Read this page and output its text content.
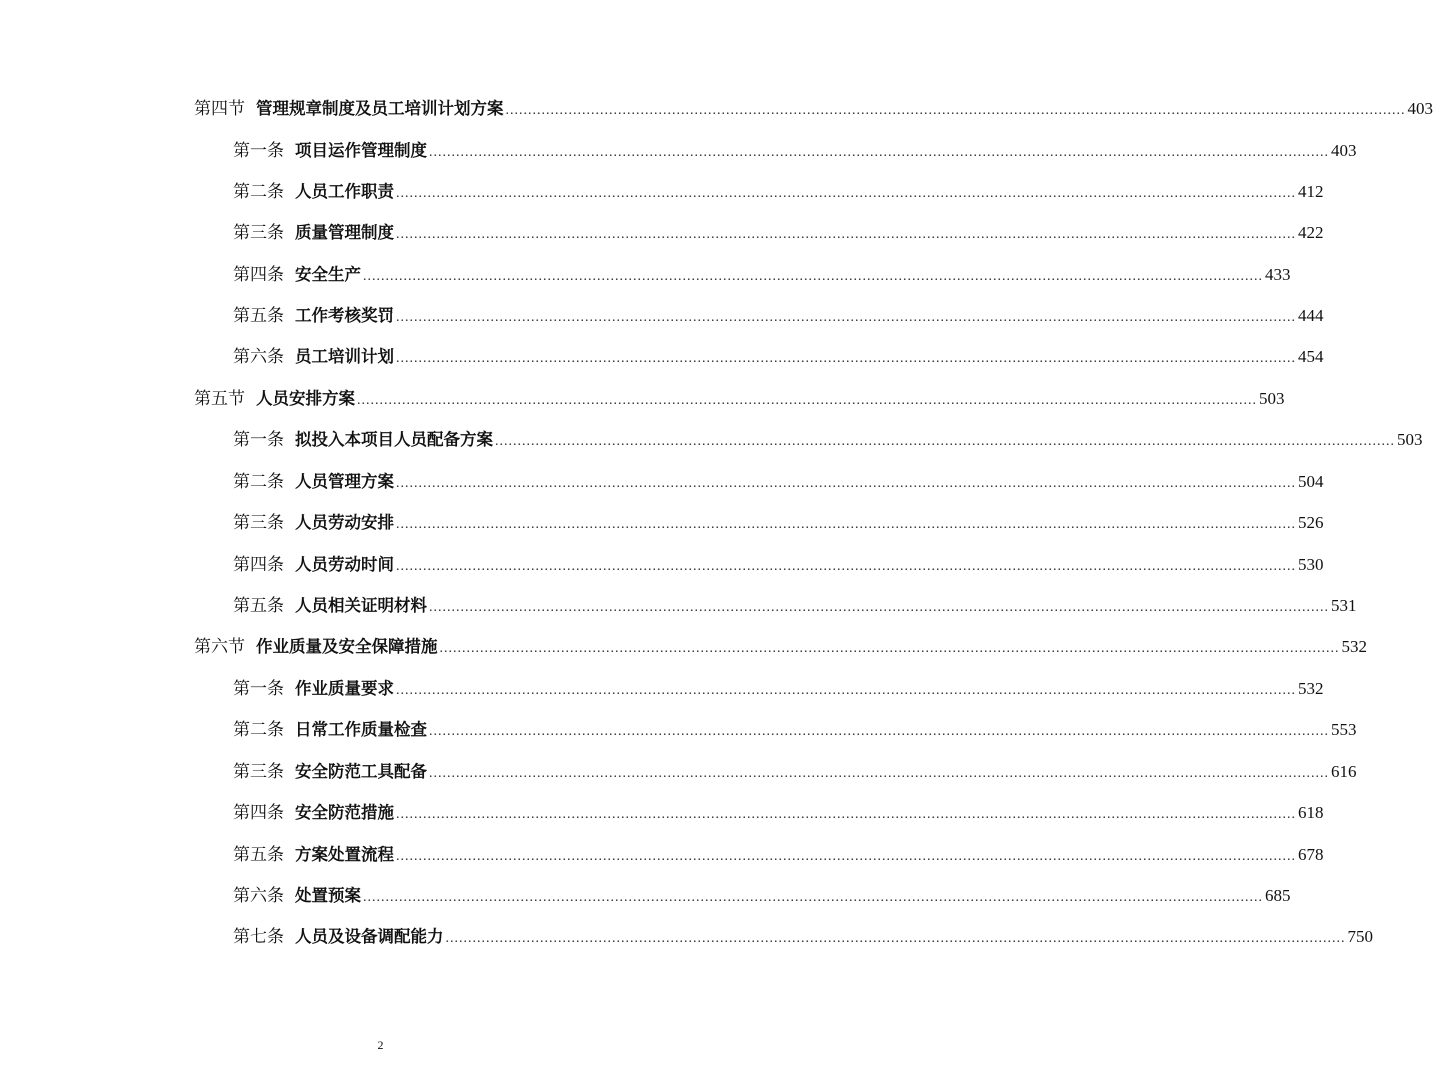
第四节 管理规章制度及员工培训计划方案 ........................................................................................................................................................................................................ 403
第一条 项目运作管理制度 ........................................................................................................................................................................................................ 403
第二条 人员工作职责 ........................................................................................................................................................................................................ 412
第三条 质量管理制度 ........................................................................................................................................................................................................ 422
第四条 安全生产 ........................................................................................................................................................................................................ 433
第五条 工作考核奖罚 ........................................................................................................................................................................................................ 444
第六条 员工培训计划 ........................................................................................................................................................................................................ 454
第五节 人员安排方案 ........................................................................................................................................................................................................ 503
第一条 拟投入本项目人员配备方案 ........................................................................................................................................................................................................ 503
第二条 人员管理方案 ........................................................................................................................................................................................................ 504
第三条 人员劳动安排 ........................................................................................................................................................................................................ 526
第四条 人员劳动时间 ........................................................................................................................................................................................................ 530
第五条 人员相关证明材料 ........................................................................................................................................................................................................ 531
第六节 作业质量及安全保障措施 ........................................................................................................................................................................................................ 532
第一条 作业质量要求 ........................................................................................................................................................................................................ 532
第二条 日常工作质量检查 ........................................................................................................................................................................................................ 553
第三条 安全防范工具配备 ........................................................................................................................................................................................................ 616
第四条 安全防范措施 ........................................................................................................................................................................................................ 618
第五条 方案处置流程 ........................................................................................................................................................................................................ 678
第六条 处置预案 ........................................................................................................................................................................................................ 685
第七条 人员及设备调配能力 ........................................................................................................................................................................................................ 750
2
